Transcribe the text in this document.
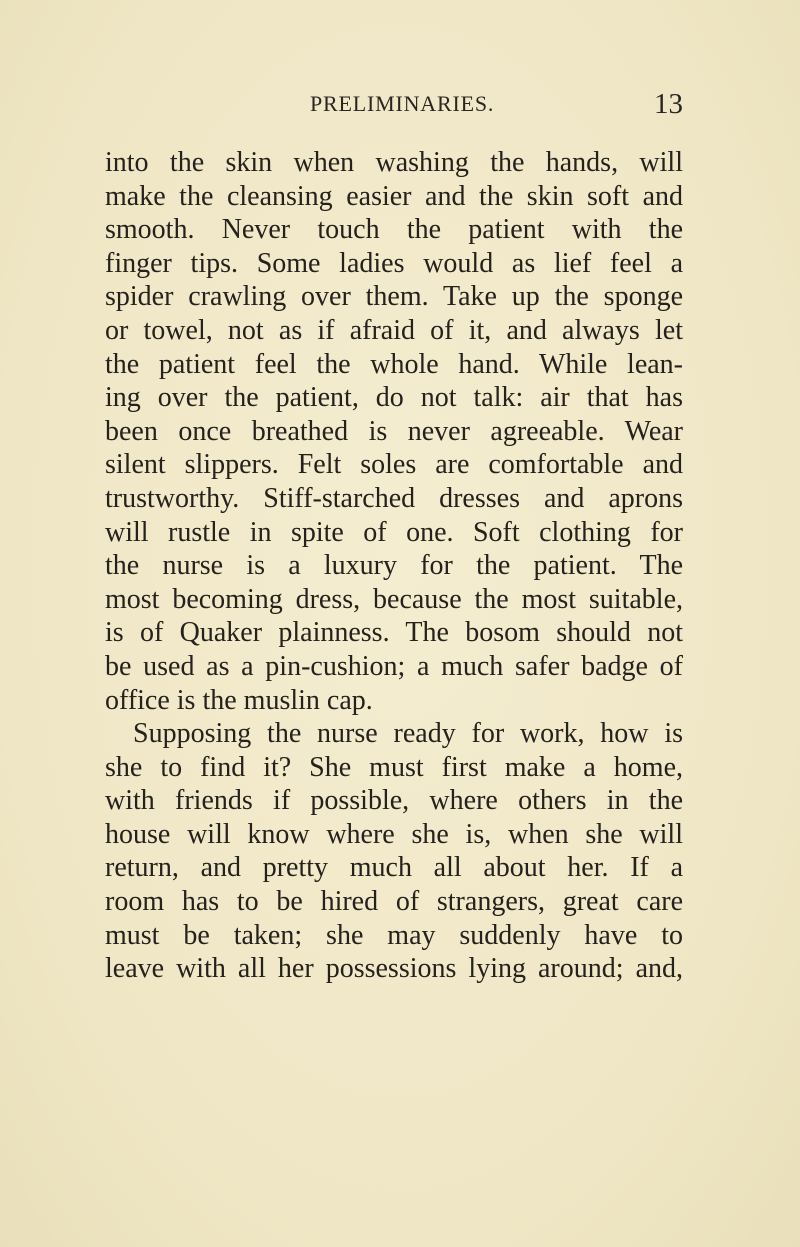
PRELIMINARIES.	13
into the skin when washing the hands, will
make the cleansing easier and the skin soft and
smooth. Never touch the patient with the
finger tips. Some ladies would as lief feel a
spider crawling over them. Take up the sponge
or towel, not as if afraid of it, and always let
the patient feel the whole hand. While lean-
ing over the patient, do not talk: air that has
been once breathed is never agreeable. Wear
silent slippers. Felt soles are comfortable and
trustworthy. Stiff-starched dresses and aprons
will rustle in spite of one. Soft clothing for
the nurse is a luxury for the patient. The
most becoming dress, because the most suitable,
is of Quaker plainness. The bosom should not
be used as a pin-cushion; a much safer badge of
office is the muslin cap.
Supposing the nurse ready for work, how is
she to find it? She must first make a home,
with friends if possible, where others in the
house will know where she is, when she will
return, and pretty much all about her. If a
room has to be hired of strangers, great care
must be taken; she may suddenly have to
leave with all her possessions lying around; and,
